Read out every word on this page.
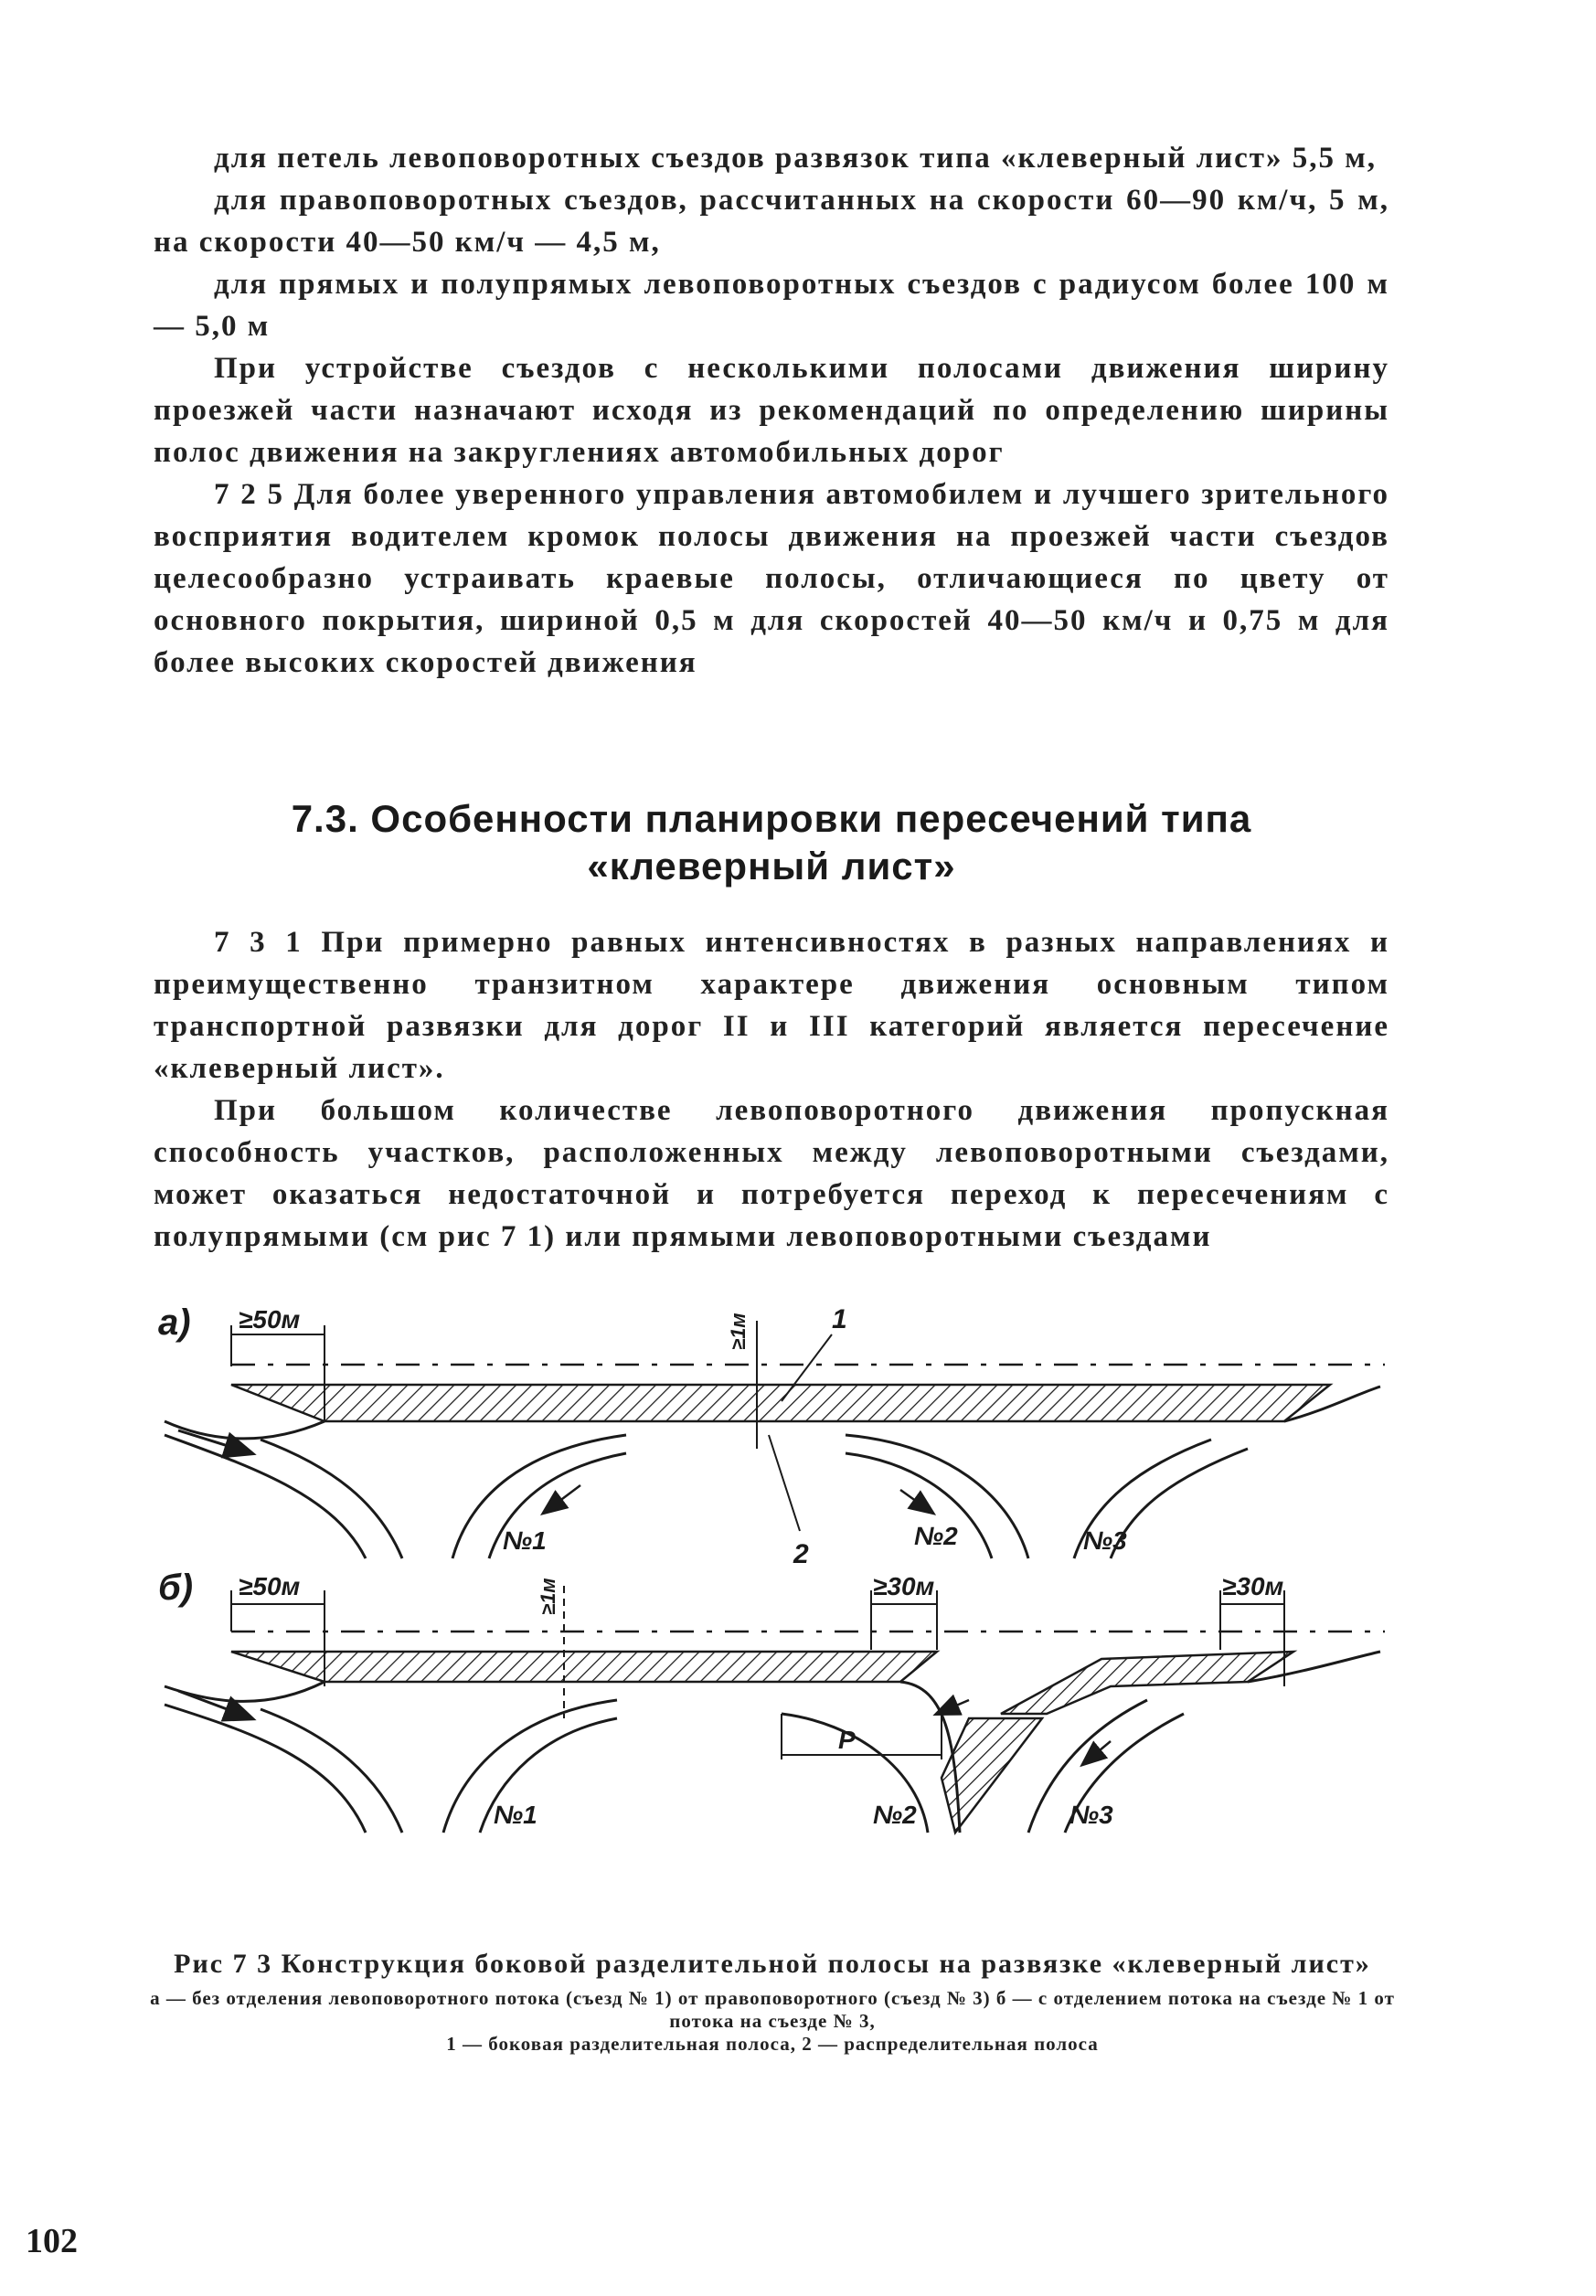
для петель левоповоротных съездов развязок типа «клеверный лист» 5,5 м,

для правоповоротных съездов, рассчитанных на скорости 60—90 км/ч, 5 м, на скорости 40—50 км/ч — 4,5 м,

для прямых и полупрямых левоповоротных съездов с радиусом более 100 м — 5,0 м

При устройстве съездов с несколькими полосами движения ширину проезжей части назначают исходя из рекомендаций по определению ширины полос движения на закруглениях автомобильных дорог

7 2 5 Для более уверенного управления автомобилем и лучшего зрительного восприятия водителем кромок полосы движения на проезжей части съездов целесообразно устраивать краевые полосы, отличающиеся по цвету от основного покрытия, шириной 0,5 м для скоростей 40—50 км/ч и 0,75 м для более высоких скоростей движения

7.3. Особенности планировки пересечений типа
«клеверный лист»

7 3 1 При примерно равных интенсивностях в разных направлениях и преимущественно транзитном характере движения основным типом транспортной развязки для дорог II и III категорий является пересечение «клеверный лист».

При большом количестве левоповоротного движения пропускная способность участков, расположенных между левоповоротными съездами, может оказаться недостаточной и потребуется переход к пересечениям с полупрямыми (см рис 7 1) или прямыми левоповоротными съездами

а) ≥50м	≥1м	1
2
№1	№2	№3
б) ≥50м	≥30м	≥30м
≥1м
P
№1	№2	№3

Рис 7 3 Конструкция боковой разделительной полосы на развязке «клеверный лист»

а — без отделения левоповоротного потока (съезд № 1) от правоповоротного (съезд № 3) б — с отделением потока на съезде № 1 от потока на съезде № 3,

1 — боковая разделительная полоса, 2 — распределительная полоса

102
